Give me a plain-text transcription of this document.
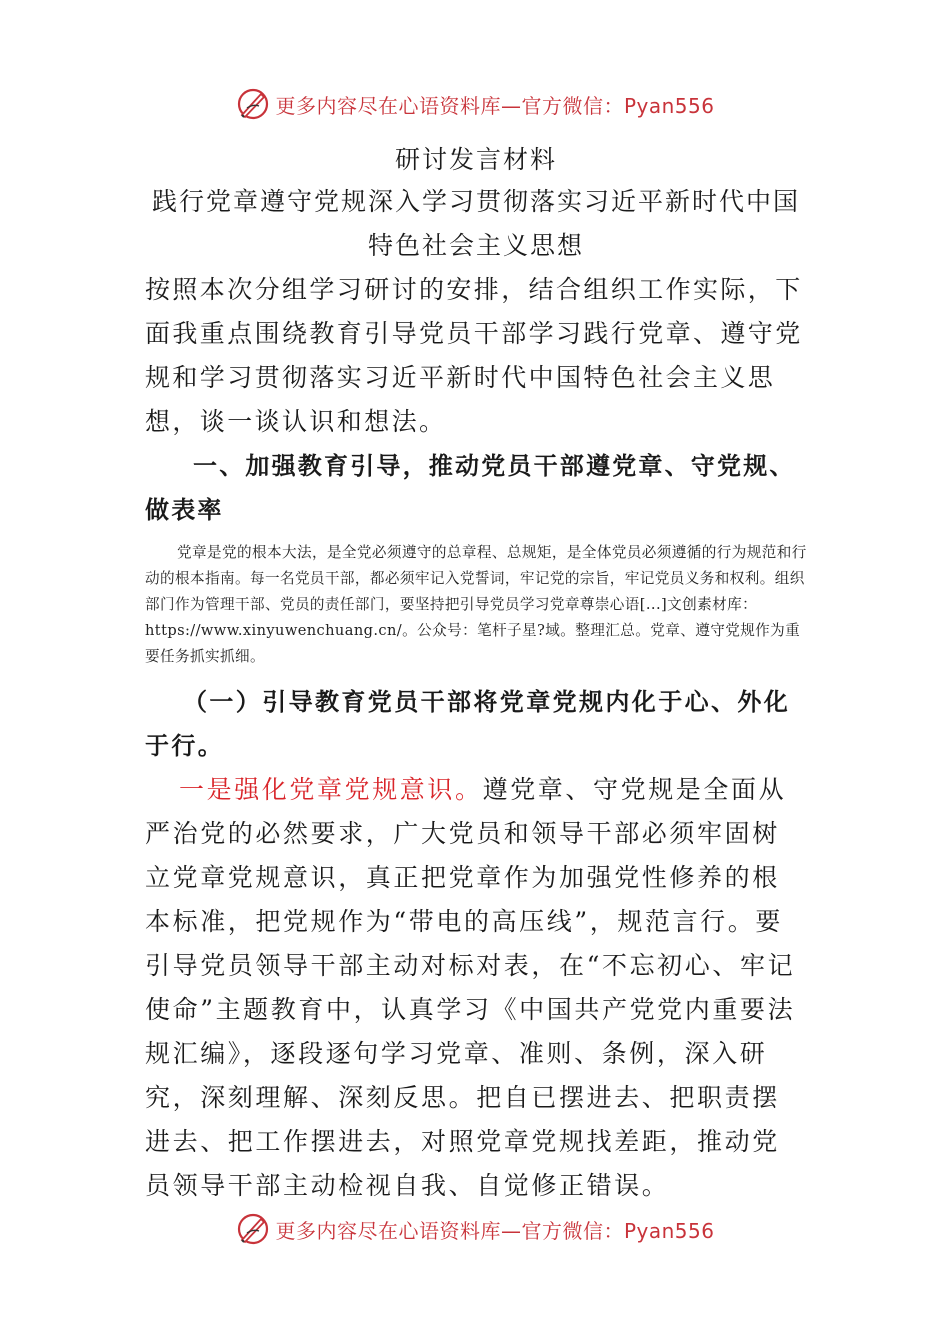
更多内容尽在心语资料库—官方微信：Pyan556

研讨发言材料

践行党章遵守党规深入学习贯彻落实习近平新时代中国特色社会主义思想

按照本次分组学习研讨的安排，结合组织工作实际，下面我重点围绕教育引导党员干部学习践行党章、遵守党规和学习贯彻落实习近平新时代中国特色社会主义思想，谈一谈认识和想法。

一、加强教育引导，推动党员干部遵党章、守党规、做表率

党章是党的根本大法，是全党必须遵守的总章程、总规矩，是全体党员必须遵循的行为规范和行动的根本指南。每一名党员干部，都必须牢记入党誓词，牢记党的宗旨，牢记党员义务和权利。组织部门作为管理干部、党员的责任部门，要坚持把引导党员学习党章尊崇心语[...]文创素材库：https://www.xinyuwenchuang.cn/。公众号：笔杆子星?域。整理汇总。党章、遵守党规作为重要任务抓实抓细。

（一）引导教育党员干部将党章党规内化于心、外化于行。

一是强化党章党规意识。遵党章、守党规是全面从严治党的必然要求，广大党员和领导干部必须牢固树立党章党规意识，真正把党章作为加强党性修养的根本标准，把党规作为“带电的高压线”，规范言行。要引导党员领导干部主动对标对表，在“不忘初心、牢记使命”主题教育中，认真学习《中国共产党党内重要法规汇编》，逐段逐句学习党章、准则、条例，深入研究，深刻理解、深刻反思。把自已摆进去、把职责摆进去、把工作摆进去，对照党章党规找差距，推动党员领导干部主动检视自我、自觉修正错误。

更多内容尽在心语资料库—官方微信：Pyan556
